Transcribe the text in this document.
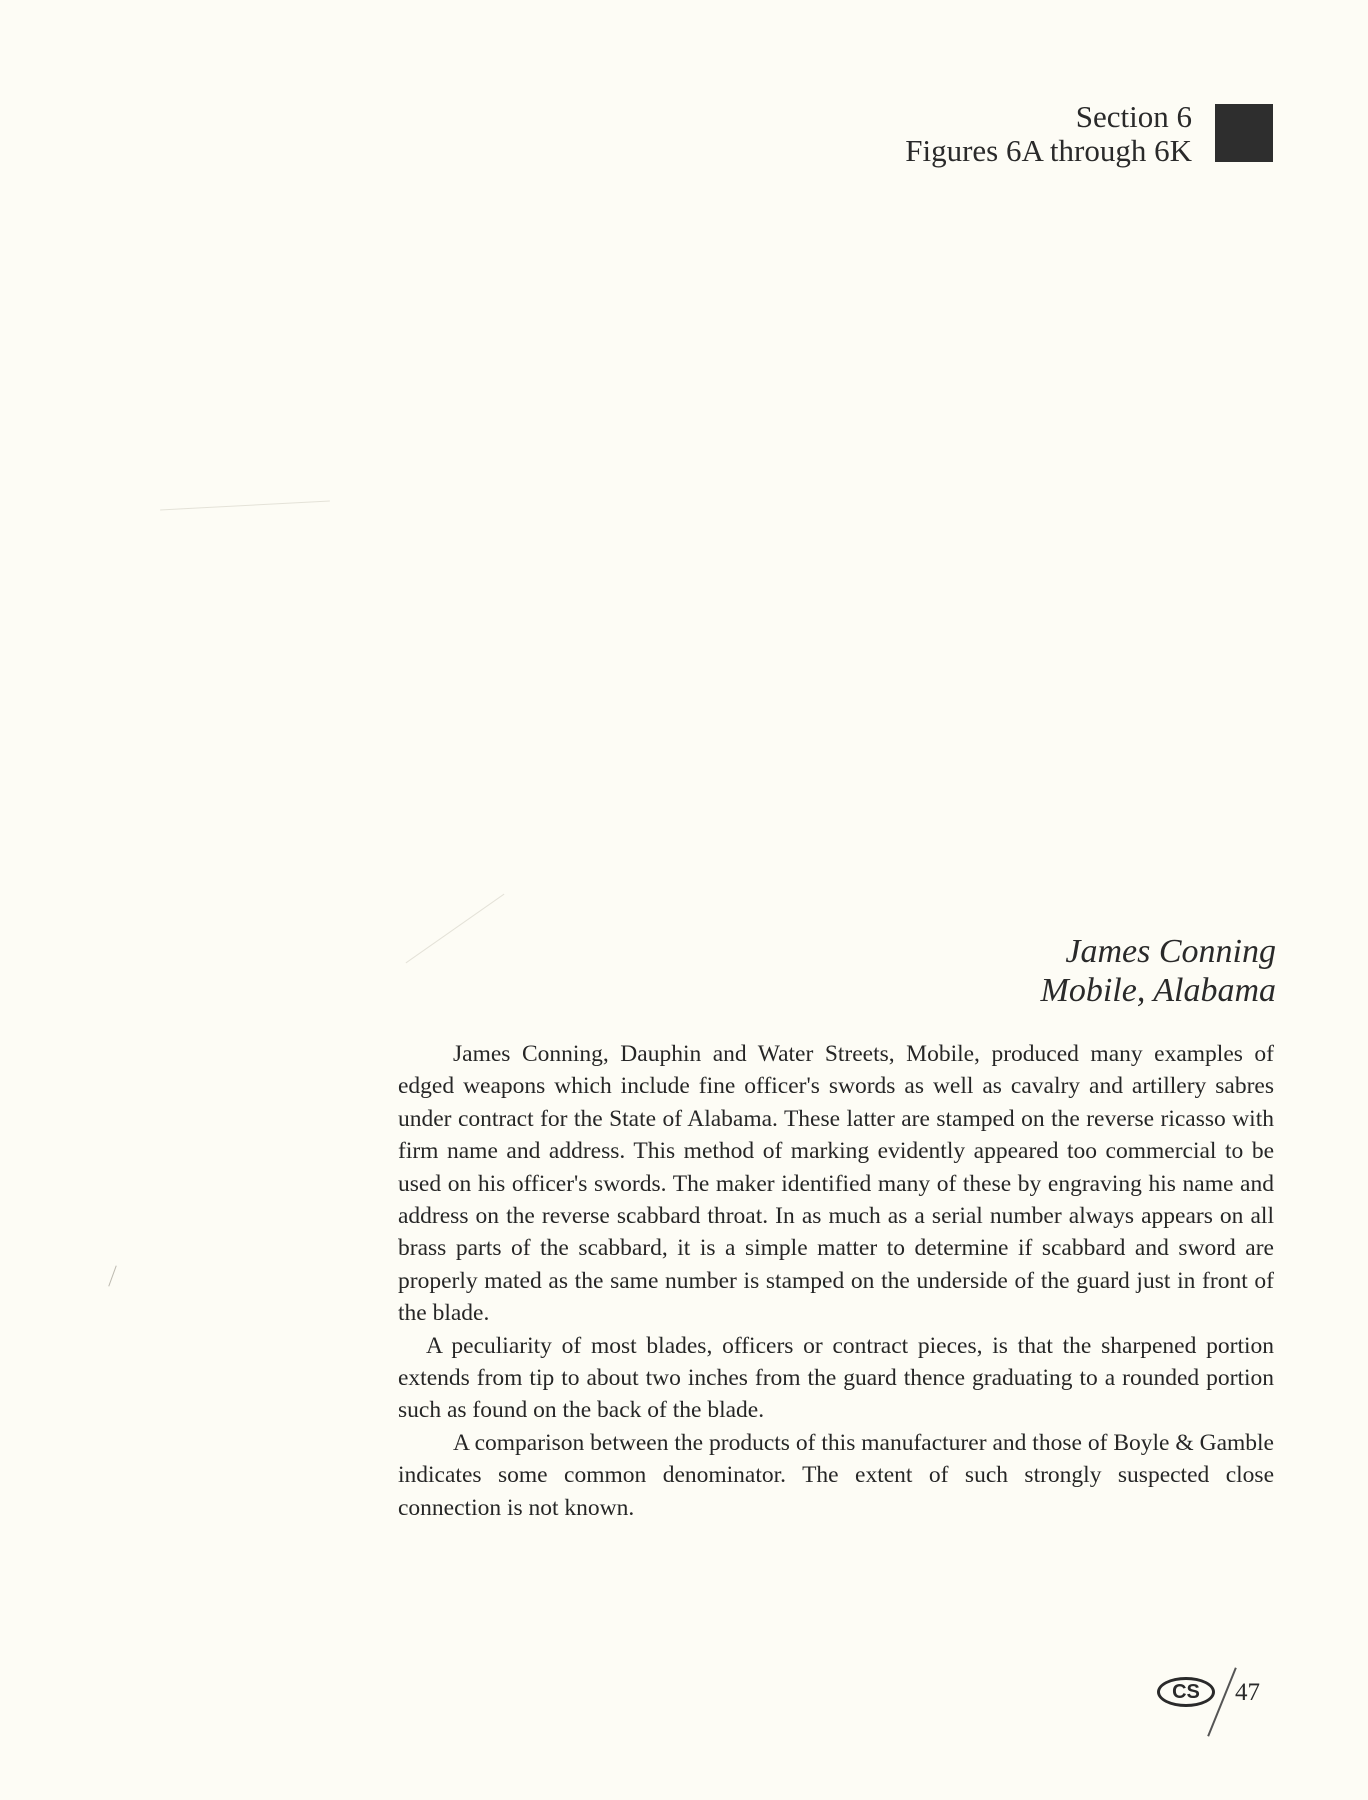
Section 6
Figures 6A through 6K
James Conning
Mobile, Alabama

James Conning, Dauphin and Water Streets, Mobile, produced many examples of edged weapons which include fine officer's swords as well as cavalry and artillery sabres under contract for the State of Alabama. These latter are stamped on the reverse ricasso with firm name and address. This method of marking evidently appeared too commercial to be used on his officer's swords. The maker identified many of these by engraving his name and address on the reverse scabbard throat. In as much as a serial number always appears on all brass parts of the scabbard, it is a simple matter to determine if scabbard and sword are properly mated as the same number is stamped on the underside of the guard just in front of the blade.

A peculiarity of most blades, officers or contract pieces, is that the sharpened portion extends from tip to about two inches from the guard thence graduating to a rounded portion such as found on the back of the blade.

A comparison between the products of this manufacturer and those of Boyle & Gamble indicates some common denominator. The extent of such strongly suspected close connection is not known.

CS	47
